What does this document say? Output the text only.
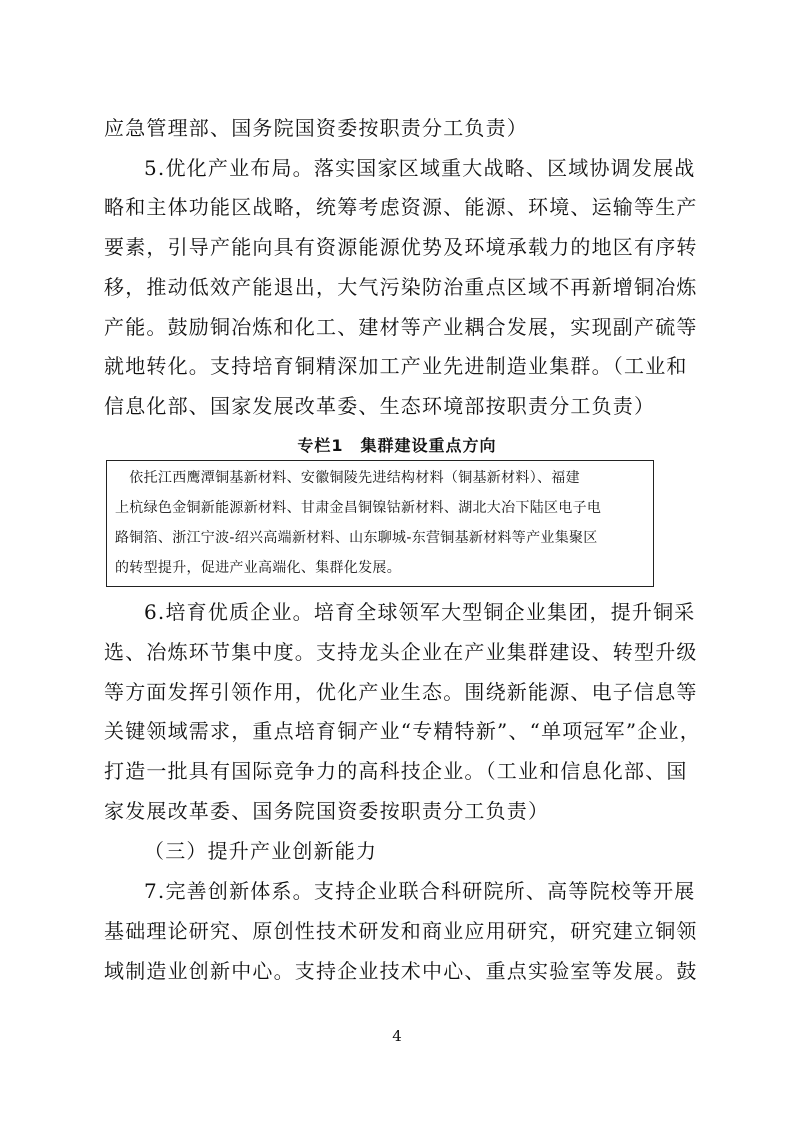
应急管理部、国务院国资委按职责分工负责）
5.优化产业布局。落实国家区域重大战略、区域协调发展战
略和主体功能区战略，统筹考虑资源、能源、环境、运输等生产
要素，引导产能向具有资源能源优势及环境承载力的地区有序转
移，推动低效产能退出，大气污染防治重点区域不再新增铜冶炼
产能。鼓励铜冶炼和化工、建材等产业耦合发展，实现副产硫等
就地转化。支持培育铜精深加工产业先进制造业集群。（工业和
信息化部、国家发展改革委、生态环境部按职责分工负责）
专栏1　集群建设重点方向
　依托江西鹰潭铜基新材料、安徽铜陵先进结构材料（铜基新材料）、福建
上杭绿色金铜新能源新材料、甘肃金昌铜镍钴新材料、湖北大冶下陆区电子电
路铜箔、浙江宁波-绍兴高端新材料、山东聊城-东营铜基新材料等产业集聚区
的转型提升，促进产业高端化、集群化发展。
6.培育优质企业。培育全球领军大型铜企业集团，提升铜采
选、冶炼环节集中度。支持龙头企业在产业集群建设、转型升级
等方面发挥引领作用，优化产业生态。围绕新能源、电子信息等
关键领域需求，重点培育铜产业“专精特新”、“单项冠军”企业，
打造一批具有国际竞争力的高科技企业。（工业和信息化部、国
家发展改革委、国务院国资委按职责分工负责）
（三）提升产业创新能力
7.完善创新体系。支持企业联合科研院所、高等院校等开展
基础理论研究、原创性技术研发和商业应用研究，研究建立铜领
域制造业创新中心。支持企业技术中心、重点实验室等发展。鼓
4
